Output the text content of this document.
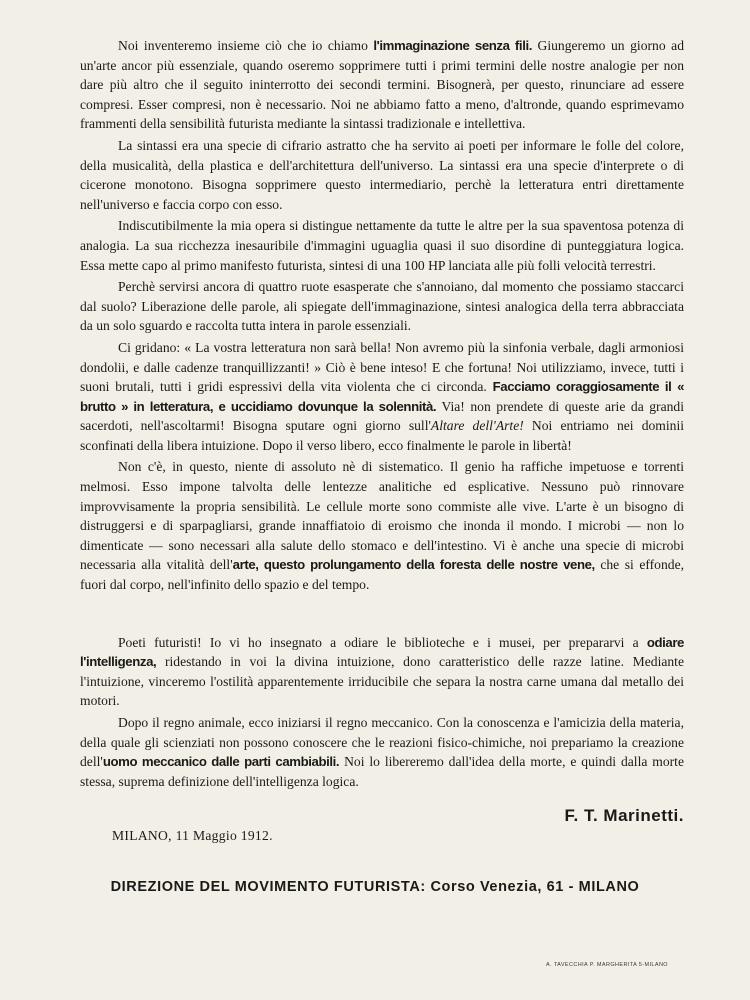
Noi inventeremo insieme ciò che io chiamo l'immaginazione senza fili. Giungeremo un giorno ad un'arte ancor più essenziale, quando oseremo sopprimere tutti i primi termini delle nostre analogie per non dare più altro che il seguito ininterrotto dei secondi termini. Bisognerà, per questo, rinunciare ad essere compresi. Esser compresi, non è necessario. Noi ne abbiamo fatto a meno, d'altronde, quando esprimevamo frammenti della sensibilità futurista mediante la sintassi tradizionale e intellettiva.

La sintassi era una specie di cifrario astratto che ha servito ai poeti per informare le folle del colore, della musicalità, della plastica e dell'architettura dell'universo. La sintassi era una specie d'interprete o di cicerone monotono. Bisogna sopprimere questo intermediario, perchè la letteratura entri direttamente nell'universo e faccia corpo con esso.

Indiscutibilmente la mia opera si distingue nettamente da tutte le altre per la sua spaventosa potenza di analogia. La sua ricchezza inesauribile d'immagini uguaglia quasi il suo disordine di punteggiatura logica. Essa mette capo al primo manifesto futurista, sintesi di una 100 HP lanciata alle più folli velocità terrestri.

Perchè servirsi ancora di quattro ruote esasperate che s'annoiano, dal momento che possiamo staccarci dal suolo? Liberazione delle parole, ali spiegate dell'immaginazione, sintesi analogica della terra abbracciata da un solo sguardo e raccolta tutta intera in parole essenziali.

Ci gridano: « La vostra letteratura non sarà bella! Non avremo più la sinfonia verbale, dagli armoniosi dondolii, e dalle cadenze tranquillizzanti! » Ciò è bene inteso! E che fortuna! Noi utilizziamo, invece, tutti i suoni brutali, tutti i gridi espressivi della vita violenta che ci circonda. Facciamo coraggiosamente il « brutto » in letteratura, e uccidiamo dovunque la solennità. Via! non prendete di queste arie da grandi sacerdoti, nell'ascoltarmi! Bisogna sputare ogni giorno sull'Altare dell'Arte! Noi entriamo nei dominii sconfinati della libera intuizione. Dopo il verso libero, ecco finalmente le parole in libertà!

Non c'è, in questo, niente di assoluto nè di sistematico. Il genio ha raffiche impetuose e torrenti melmosi. Esso impone talvolta delle lentezze analitiche ed esplicative. Nessuno può rinnovare improvvisamente la propria sensibilità. Le cellule morte sono commiste alle vive. L'arte è un bisogno di distruggersi e di sparpagliarsi, grande innaffiatoio di eroismo che inonda il mondo. I microbi — non lo dimenticate — sono necessari alla salute dello stomaco e dell'intestino. Vi è anche una specie di microbi necessaria alla vitalità dell'arte, questo prolungamento della foresta delle nostre vene, che si effonde, fuori dal corpo, nell'infinito dello spazio e del tempo.

Poeti futuristi! Io vi ho insegnato a odiare le biblioteche e i musei, per prepararvi a odiare l'intelligenza, ridestando in voi la divina intuizione, dono caratteristico delle razze latine. Mediante l'intuizione, vinceremo l'ostilità apparentemente irriducibile che separa la nostra carne umana dal metallo dei motori.

Dopo il regno animale, ecco iniziarsi il regno meccanico. Con la conoscenza e l'amicizia della materia, della quale gli scienziati non possono conoscere che le reazioni fisico-chimiche, noi prepariamo la creazione dell'uomo meccanico dalle parti cambiabili. Noi lo libereremo dall'idea della morte, e quindi dalla morte stessa, suprema definizione dell'intelligenza logica.

F. T. Marinetti.
MILANO, 11 Maggio 1912.
DIREZIONE DEL MOVIMENTO FUTURISTA: Corso Venezia, 61 - MILANO
A. TAVECCHIA P. MARGHERITA 5-MILANO
